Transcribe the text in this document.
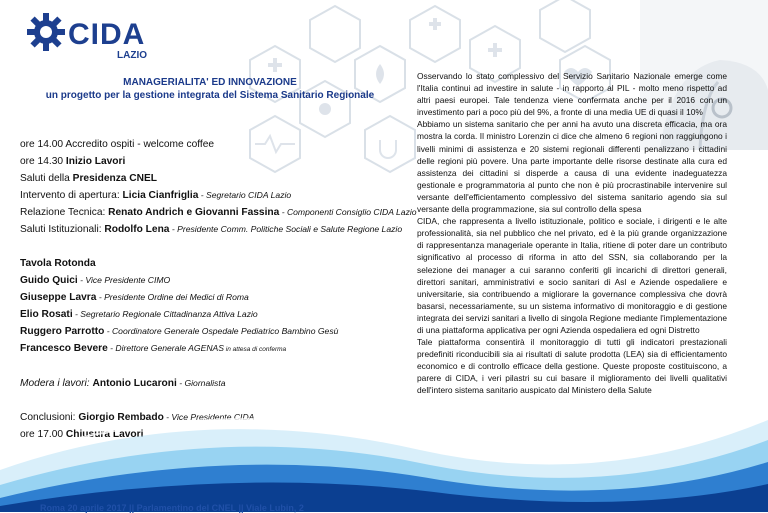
CIDA
LAZIO
MANAGERIALITA' ED INNOVAZIONE
un progetto per la gestione integrata del Sistema Sanitario Regionale
ore 14.00 Accredito ospiti - welcome coffee
ore 14.30 Inizio Lavori
Saluti della Presidenza CNEL
Intervento di apertura: Licia Cianfriglia - Segretario CIDA Lazio
Relazione Tecnica: Renato Andrich e Giovanni Fassina - Componenti Consiglio CIDA Lazio
Saluti Istituzionali: Rodolfo Lena - Presidente Comm. Politiche Sociali e Salute Regione Lazio
Tavola Rotonda
Guido Quici - Vice Presidente CIMO
Giuseppe Lavra - Presidente Ordine dei Medici di Roma
Elio Rosati - Segretario Regionale Cittadinanza Attiva Lazio
Ruggero Parrotto - Coordinatore Generale Ospedale Pediatrico Bambino Gesù
Francesco Bevere - Direttore Generale AGENAS in attesa di conferma
Modera i lavori: Antonio Lucaroni - Giornalista
Conclusioni: Giorgio Rembado - Vice Presidente CIDA
ore 17.00 Chiusura Lavori

Osservando lo stato complessivo del Servizio Sanitario Nazionale emerge come l'Italia continui ad investire in salute - in rapporto al PIL - molto meno rispetto ad altri paesi europei. Tale tendenza viene confermata anche per il 2016 con un investimento pari a poco più del 9%, a fronte di una media UE di quasi il 10%

Abbiamo un sistema sanitario che per anni ha avuto una discreta efficacia, ma ora mostra la corda. Il ministro Lorenzin ci dice che almeno 6 regioni non raggiungono i livelli minimi di assistenza e 20 sistemi regionali differenti penalizzano i cittadini delle regioni più povere. Una parte importante delle risorse destinate alla cura ed assistenza dei cittadini si disperde a causa di una evidente inadeguatezza gestionale e programmatoria al punto che non è più procrastinabile intervenire sul versante dell'efficientamento complessivo del sistema sanitario agendo sia sul versante della programmazione, sia sul controllo della spesa

CIDA, che rappresenta a livello istituzionale, politico e sociale, i dirigenti e le alte professionalità, sia nel pubblico che nel privato, ed è la più grande organizzazione di rappresentanza manageriale operante in Italia, ritiene di poter dare un contributo significativo al processo di riforma in atto del SSN, sia collaborando per la selezione dei manager a cui saranno conferiti gli incarichi di direttori generali, direttori sanitari, amministrativi e socio sanitari di Asl e Aziende ospedaliere e universitarie, sia contribuendo a migliorare la governance complessiva che dovrà basarsi, necessariamente, su un sistema informativo di monitoraggio e di gestione integrata dei servizi sanitari a livello di singola Regione mediante l'implementazione di una piattaforma applicativa per ogni Azienda ospedaliera ed ogni Distretto

Tale piattaforma consentirà il monitoraggio di tutti gli indicatori prestazionali predefiniti riconducibili sia ai risultati di salute prodotta (LEA) sia di efficientamento economico e di controllo efficace della gestione. Queste proposte costituiscono, a parere di CIDA, i veri pilastri su cui basare il miglioramento dei livelli qualitativi dell'intero sistema sanitario auspicato dal Ministero della Salute

Roma 20 aprile 2017 || Parlamentino del CNEL || Viale Lubin, 2
